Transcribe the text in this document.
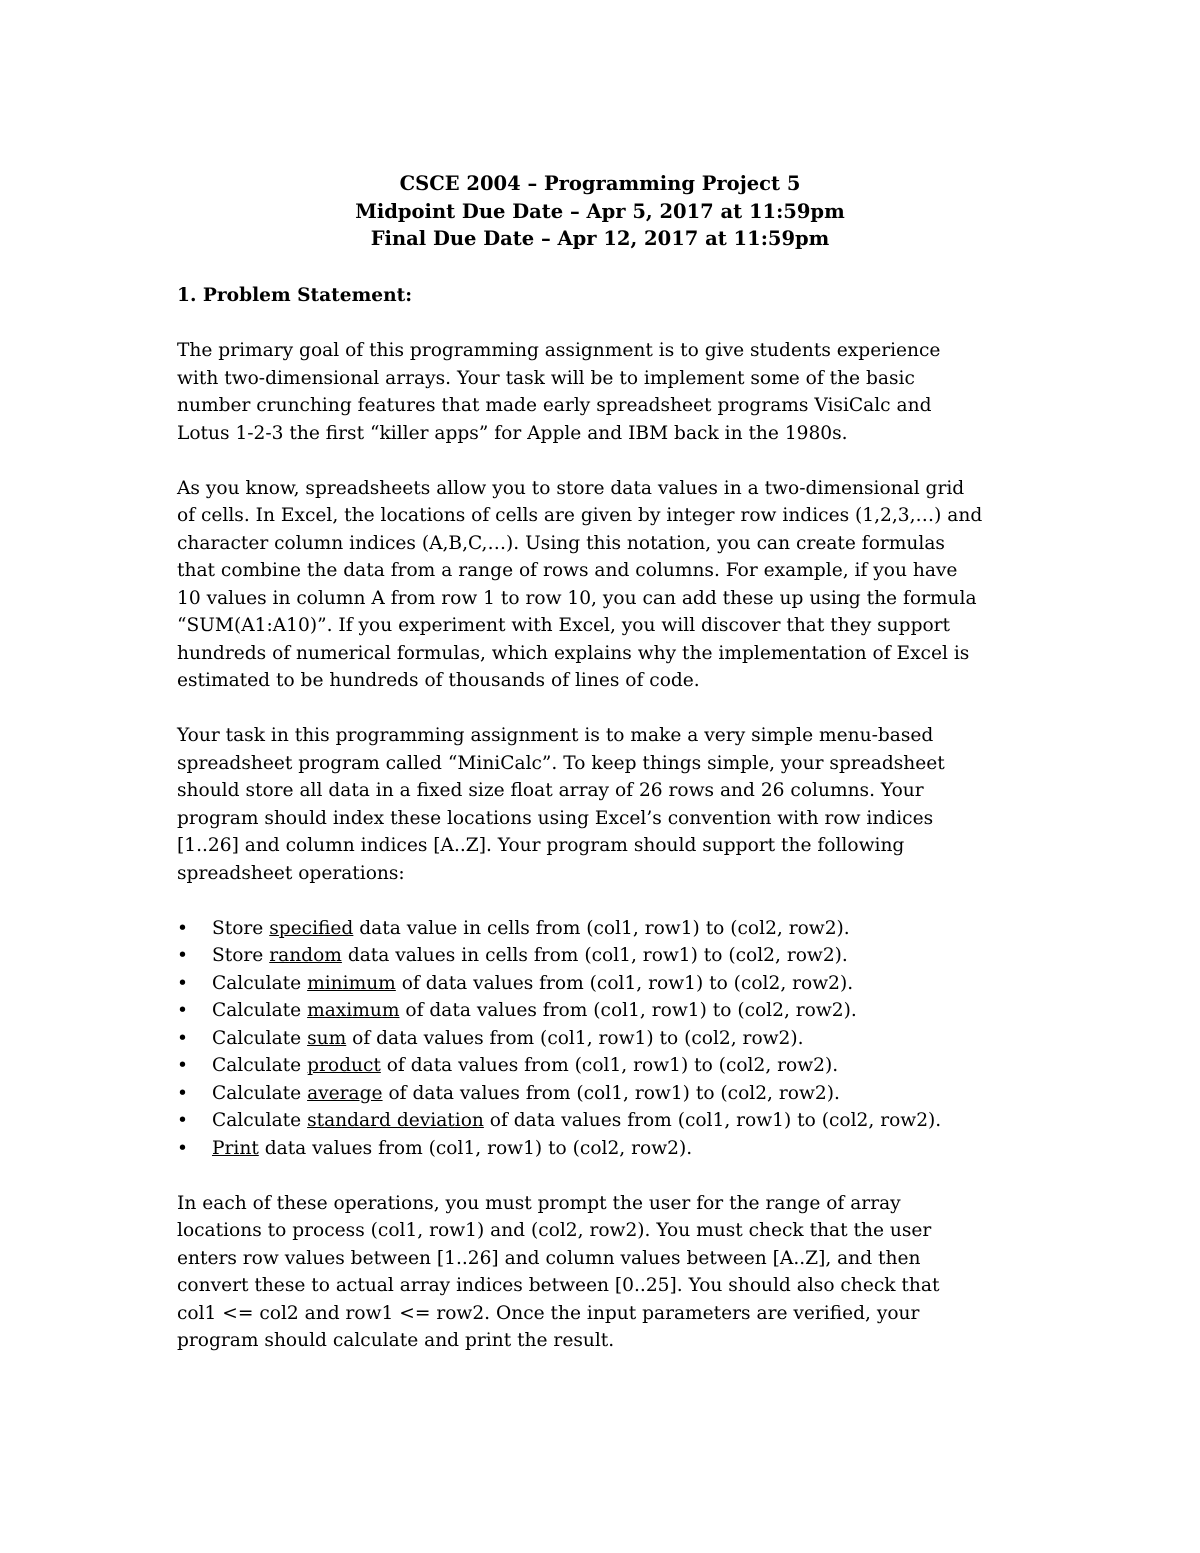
CSCE 2004 – Programming Project 5
Midpoint Due Date – Apr 5, 2017 at 11:59pm
Final Due Date – Apr 12, 2017 at 11:59pm
1. Problem Statement:
The primary goal of this programming assignment is to give students experience
with two-dimensional arrays. Your task will be to implement some of the basic
number crunching features that made early spreadsheet programs VisiCalc and
Lotus 1-2-3 the first “killer apps” for Apple and IBM back in the 1980s.
As you know, spreadsheets allow you to store data values in a two-dimensional grid
of cells. In Excel, the locations of cells are given by integer row indices (1,2,3,…) and
character column indices (A,B,C,…). Using this notation, you can create formulas
that combine the data from a range of rows and columns. For example, if you have
10 values in column A from row 1 to row 10, you can add these up using the formula
“SUM(A1:A10)”. If you experiment with Excel, you will discover that they support
hundreds of numerical formulas, which explains why the implementation of Excel is
estimated to be hundreds of thousands of lines of code.
Your task in this programming assignment is to make a very simple menu-based
spreadsheet program called “MiniCalc”. To keep things simple, your spreadsheet
should store all data in a fixed size float array of 26 rows and 26 columns. Your
program should index these locations using Excel’s convention with row indices
[1..26] and column indices [A..Z]. Your program should support the following
spreadsheet operations:
• Store specified data value in cells from (col1, row1) to (col2, row2).
• Store random data values in cells from (col1, row1) to (col2, row2).
• Calculate minimum of data values from (col1, row1) to (col2, row2).
• Calculate maximum of data values from (col1, row1) to (col2, row2).
• Calculate sum of data values from (col1, row1) to (col2, row2).
• Calculate product of data values from (col1, row1) to (col2, row2).
• Calculate average of data values from (col1, row1) to (col2, row2).
• Calculate standard deviation of data values from (col1, row1) to (col2, row2).
• Print data values from (col1, row1) to (col2, row2).
In each of these operations, you must prompt the user for the range of array
locations to process (col1, row1) and (col2, row2). You must check that the user
enters row values between [1..26] and column values between [A..Z], and then
convert these to actual array indices between [0..25]. You should also check that
col1 <= col2 and row1 <= row2. Once the input parameters are verified, your
program should calculate and print the result.
